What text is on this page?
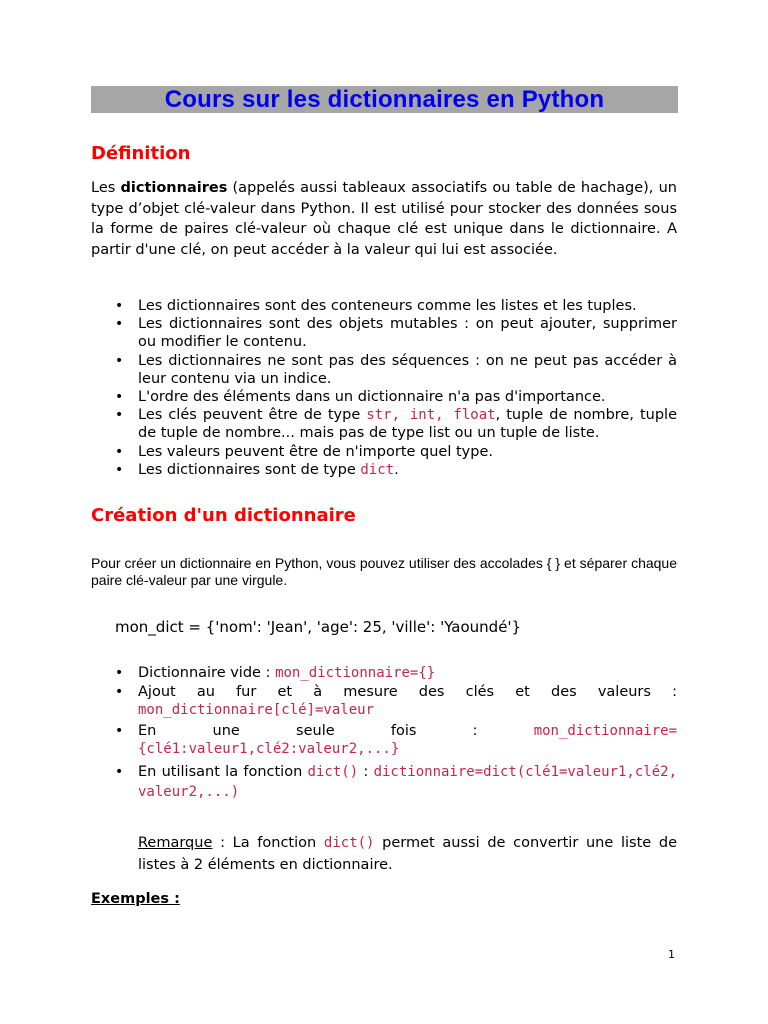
Cours sur les dictionnaires en Python
Définition

Les dictionnaires (appelés aussi tableaux associatifs ou table de hachage), un type d’objet clé-valeur dans Python. Il est utilisé pour stocker des données sous la forme de paires clé-valeur où chaque clé est unique dans le dictionnaire. A partir d'une clé, on peut accéder à la valeur qui lui est associée.

• Les dictionnaires sont des conteneurs comme les listes et les tuples.
• Les dictionnaires sont des objets mutables : on peut ajouter, supprimer ou modifier le contenu.
• Les dictionnaires ne sont pas des séquences : on ne peut pas accéder à leur contenu via un indice.
• L'ordre des éléments dans un dictionnaire n'a pas d'importance.
• Les clés peuvent être de type str, int, float, tuple de nombre, tuple de tuple de nombre... mais pas de type list ou un tuple de liste.
• Les valeurs peuvent être de n'importe quel type.
• Les dictionnaires sont de type dict.
Création d'un dictionnaire

Pour créer un dictionnaire en Python, vous pouvez utiliser des accolades { } et séparer chaque paire clé-valeur par une virgule.

mon_dict = {'nom': 'Jean', 'age': 25, 'ville': 'Yaoundé'}
• Dictionnaire vide : mon_dictionnaire={}
• Ajout au fur et à mesure des clés et des valeurs : mon_dictionnaire[clé]=valeur
• En une seule fois : mon_dictionnaire={clé1:valeur1,clé2:valeur2,...}
• En utilisant la fonction dict() : dictionnaire=dict(clé1=valeur1,clé2,valeur2,...)

Remarque : La fonction dict() permet aussi de convertir une liste de listes à 2 éléments en dictionnaire.

Exemples :
1
